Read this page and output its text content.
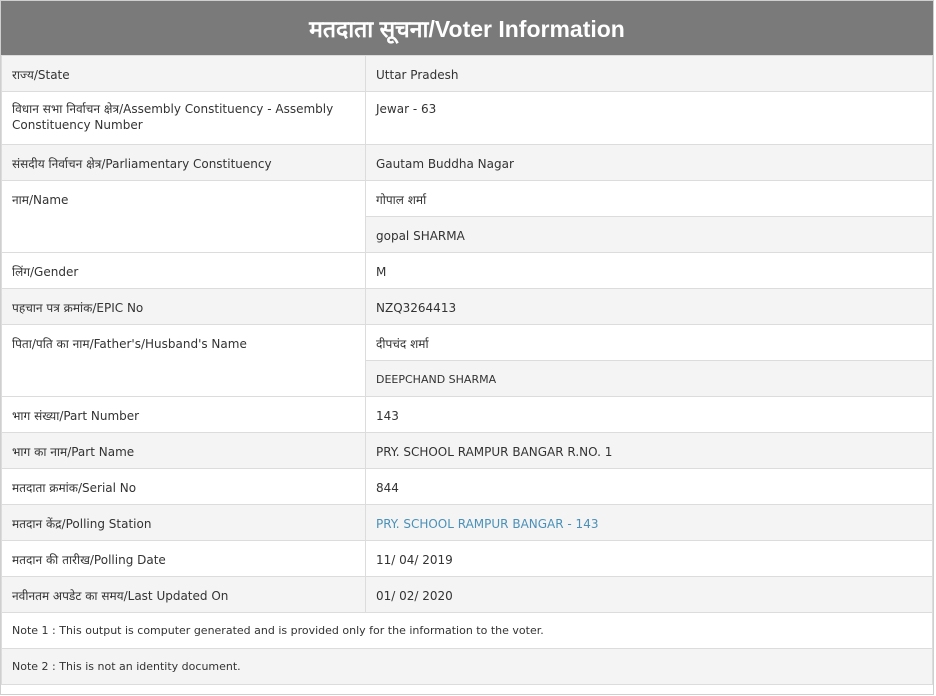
मतदाता सूचना/Voter Information
राज्य/State	Uttar Pradesh
विधान सभा निर्वाचन क्षेत्र/Assembly Constituency - Assembly Constituency Number	Jewar - 63
संसदीय निर्वाचन क्षेत्र/Parliamentary Constituency	Gautam Buddha Nagar
नाम/Name	गोपाल शर्मा
	gopal SHARMA
लिंग/Gender	M
पहचान पत्र क्रमांक/EPIC No	NZQ3264413
पिता/पति का नाम/Father's/Husband's Name	दीपचंद शर्मा
	DEEPCHAND SHARMA
भाग संख्या/Part Number	143
भाग का नाम/Part Name	PRY. SCHOOL RAMPUR BANGAR R.NO. 1
मतदाता क्रमांक/Serial No	844
मतदान केंद्र/Polling Station	PRY. SCHOOL RAMPUR BANGAR - 143
मतदान की तारीख/Polling Date	11/ 04/ 2019
नवीनतम अपडेट का समय/Last Updated On	01/ 02/ 2020
Note 1 : This output is computer generated and is provided only for the information to the voter.	
Note 2 : This is not an identity document.	
